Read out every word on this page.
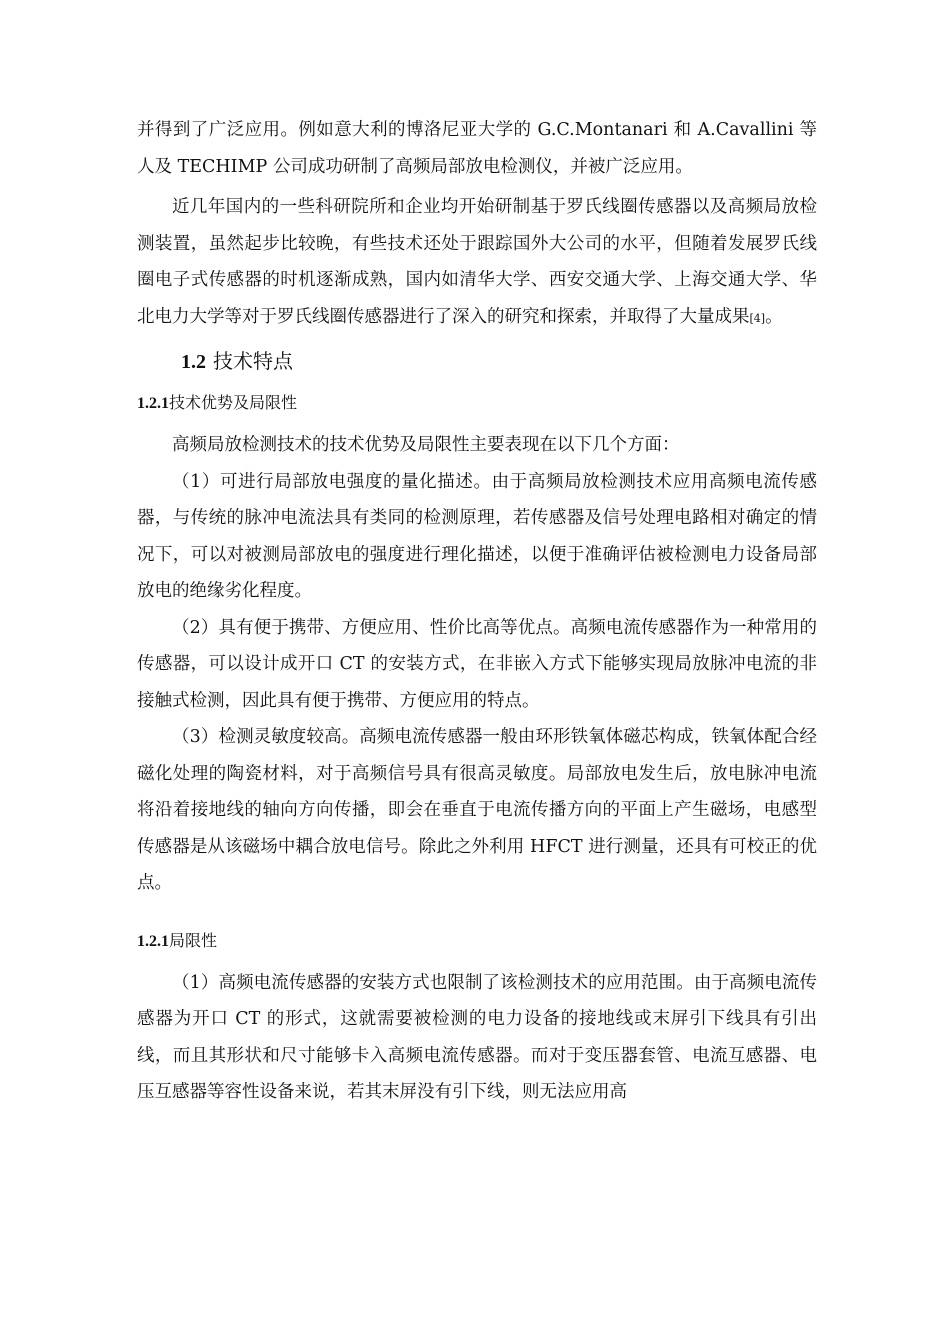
并得到了广泛应用。例如意大利的博洛尼亚大学的 G.C.Montanari 和 A.Cavallini 等人及 TECHIMP 公司成功研制了高频局部放电检测仪，并被广泛应用。

近几年国内的一些科研院所和企业均开始研制基于罗氏线圈传感器以及高频局放检测装置，虽然起步比较晚，有些技术还处于跟踪国外大公司的水平，但随着发展罗氏线圈电子式传感器的时机逐渐成熟，国内如清华大学、西安交通大学、上海交通大学、华北电力大学等对于罗氏线圈传感器进行了深入的研究和探索，并取得了大量成果[4]。

1.2 技术特点
1.2.1技术优势及局限性

高频局放检测技术的技术优势及局限性主要表现在以下几个方面：

（1）可进行局部放电强度的量化描述。由于高频局放检测技术应用高频电流传感器，与传统的脉冲电流法具有类同的检测原理，若传感器及信号处理电路相对确定的情况下，可以对被测局部放电的强度进行理化描述，以便于准确评估被检测电力设备局部放电的绝缘劣化程度。

（2）具有便于携带、方便应用、性价比高等优点。高频电流传感器作为一种常用的传感器，可以设计成开口 CT 的安装方式，在非嵌入方式下能够实现局放脉冲电流的非接触式检测，因此具有便于携带、方便应用的特点。

（3）检测灵敏度较高。高频电流传感器一般由环形铁氧体磁芯构成，铁氧体配合经磁化处理的陶瓷材料，对于高频信号具有很高灵敏度。局部放电发生后，放电脉冲电流将沿着接地线的轴向方向传播，即会在垂直于电流传播方向的平面上产生磁场，电感型传感器是从该磁场中耦合放电信号。除此之外利用 HFCT 进行测量，还具有可校正的优点。

1.2.1局限性

（1）高频电流传感器的安装方式也限制了该检测技术的应用范围。由于高频电流传感器为开口 CT 的形式，这就需要被检测的电力设备的接地线或末屏引下线具有引出线，而且其形状和尺寸能够卡入高频电流传感器。而对于变压器套管、电流互感器、电压互感器等容性设备来说，若其末屏没有引下线，则无法应用高
